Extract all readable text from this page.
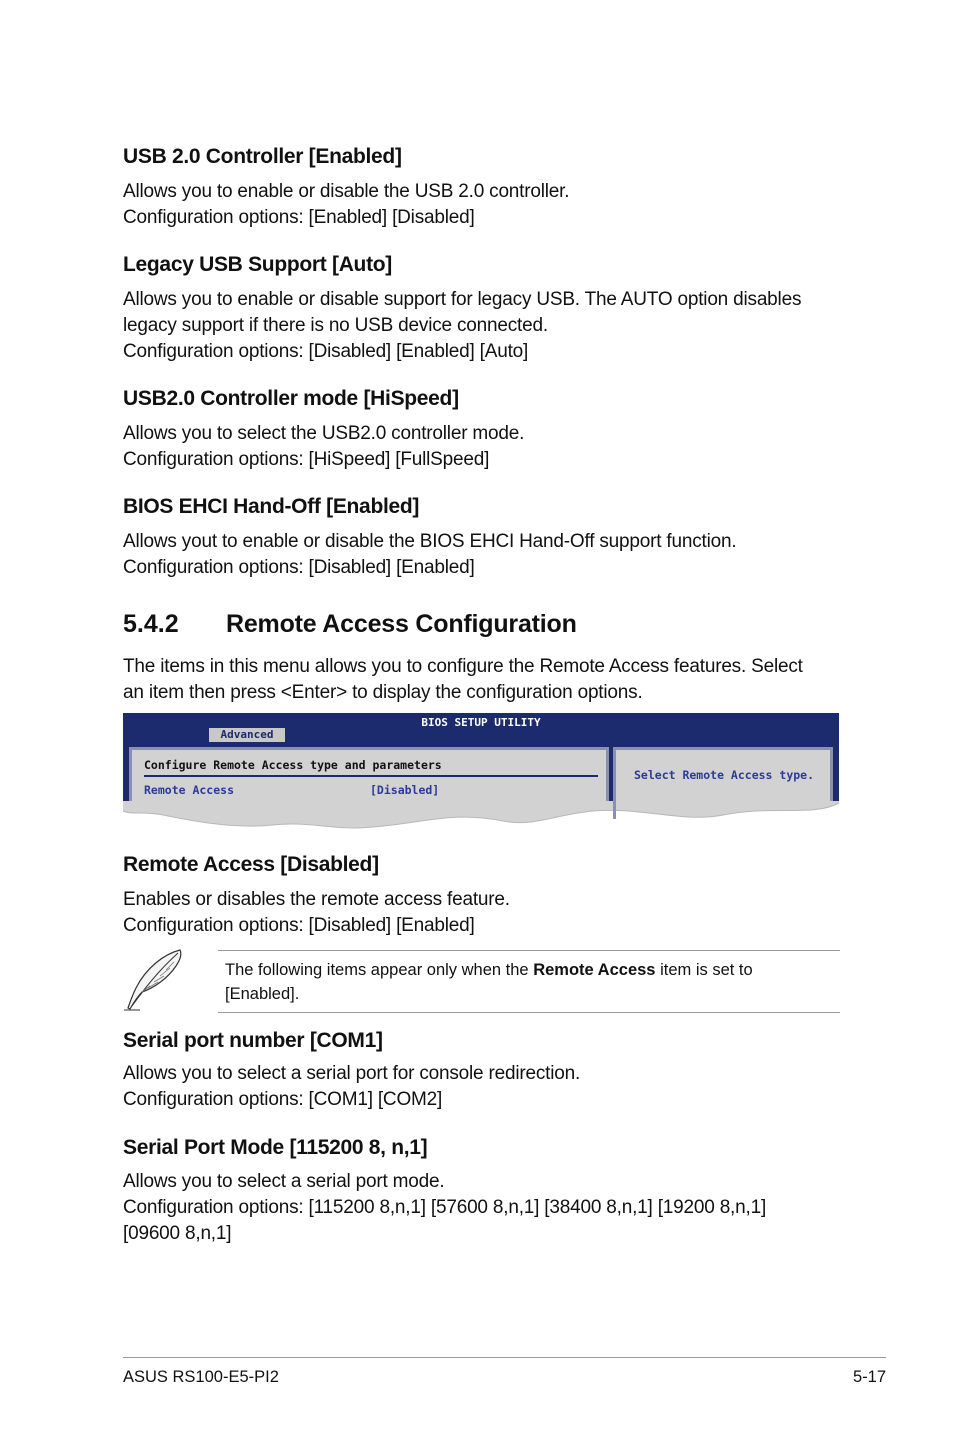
USB 2.0 Controller [Enabled]
Allows you to enable or disable the USB 2.0 controller.
Configuration options: [Enabled] [Disabled]
Legacy USB Support [Auto]
Allows you to enable or disable support for legacy USB. The AUTO option disables
legacy support if there is no USB device connected.
Configuration options: [Disabled] [Enabled] [Auto]
USB2.0 Controller mode [HiSpeed]
Allows you to select the USB2.0 controller mode.
Configuration options: [HiSpeed] [FullSpeed]
BIOS EHCI Hand-Off [Enabled]
Allows yout to enable or disable the BIOS EHCI Hand-Off support function.
Configuration options: [Disabled] [Enabled]
5.4.2 Remote Access Configuration
The items in this menu allows you to configure the Remote Access features. Select
an item then press <Enter> to display the configuration options.
BIOS SETUP UTILITY
Advanced
Configure Remote Access type and parameters
Remote Access	[Disabled]
Select Remote Access type.
Remote Access [Disabled]
Enables or disables the remote access feature.
Configuration options: [Disabled] [Enabled]
The following items appear only when the Remote Access item is set to [Enabled].
Serial port number [COM1]
Allows you to select a serial port for console redirection.
Configuration options: [COM1] [COM2]
Serial Port Mode [115200 8, n,1]
Allows you to select a serial port mode.
Configuration options: [115200 8,n,1] [57600 8,n,1] [38400 8,n,1] [19200 8,n,1]
[09600 8,n,1]
ASUS RS100-E5-PI2	5-17
